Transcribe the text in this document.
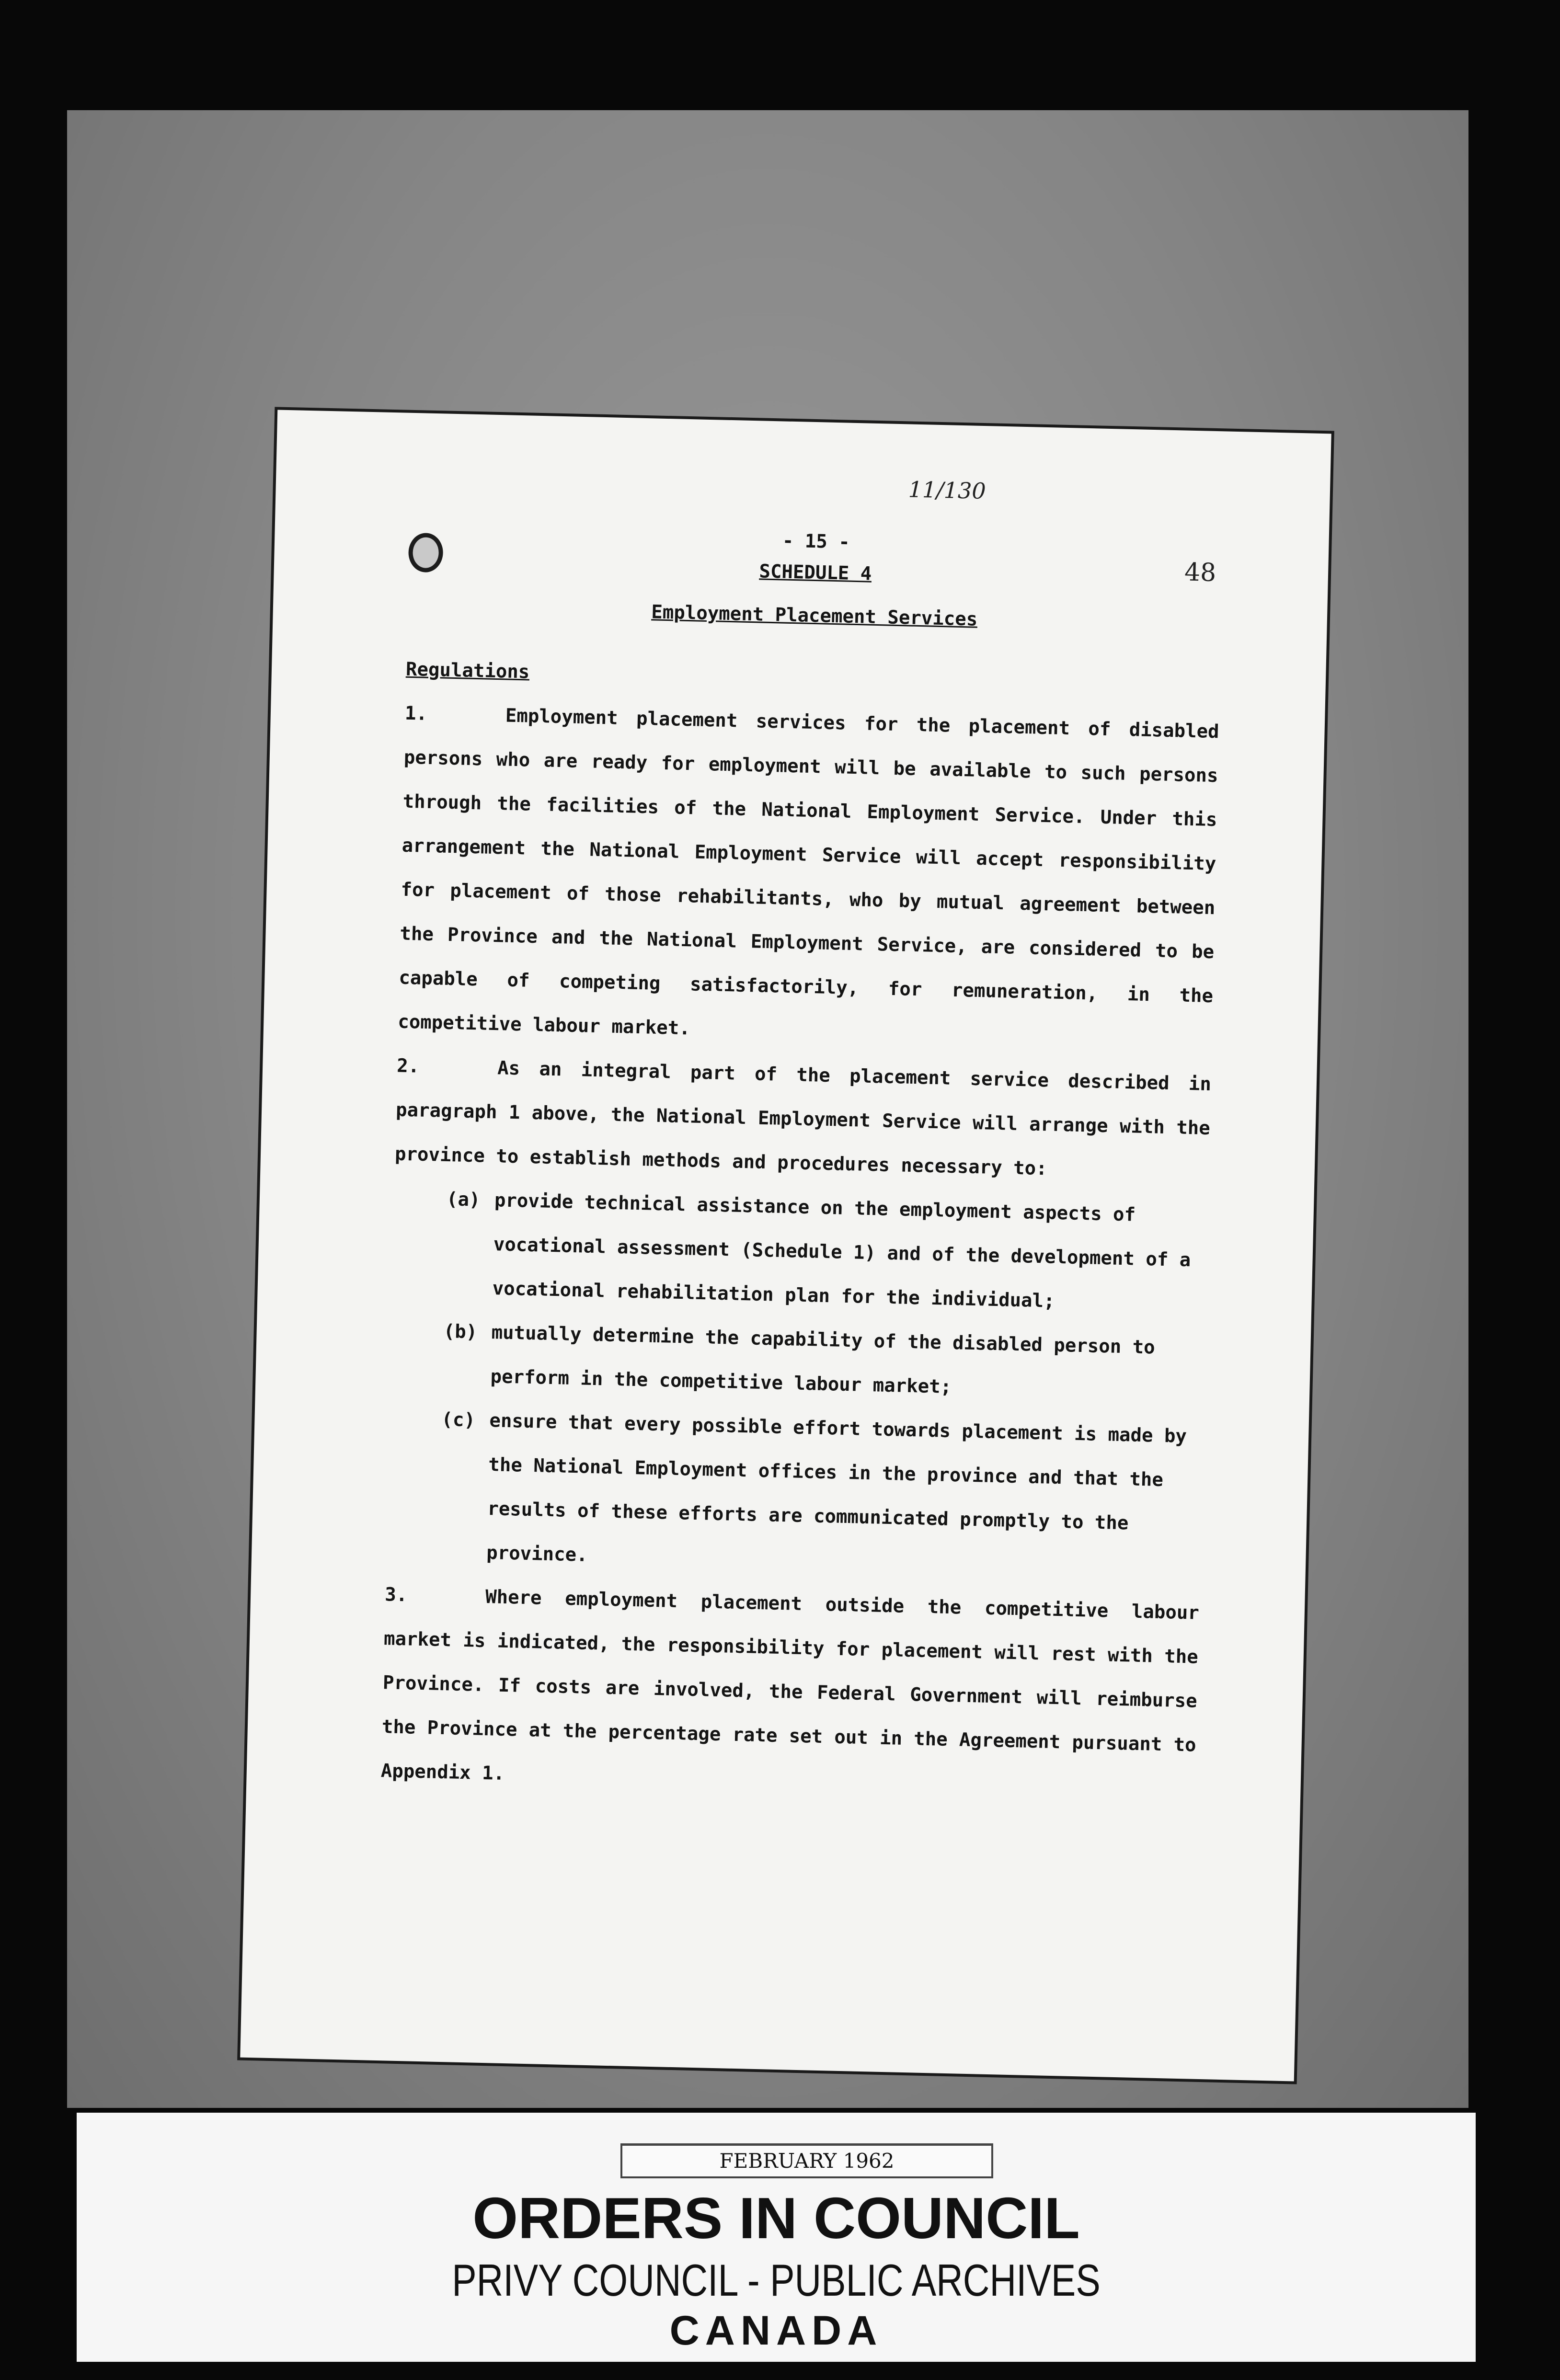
11/130
48
- 15 -
SCHEDULE 4
Employment Placement Services
Regulations

1.	Employment placement services for the placement of disabled persons who are ready for employment will be available to such persons through the facilities of the National Employment Service. Under this arrangement the National Employment Service will accept responsibility for placement of those rehabilitants, who by mutual agreement between the Province and the National Employment Service, are considered to be capable of competing satisfactorily, for remuneration, in the competitive labour market.

2.	As an integral part of the placement service described in paragraph 1 above, the National Employment Service will arrange with the province to establish methods and procedures necessary to:

(a) provide technical assistance on the employment aspects of vocational assessment (Schedule 1) and of the development of a vocational rehabilitation plan for the individual;

(b) mutually determine the capability of the disabled person to perform in the competitive labour market;

(c) ensure that every possible effort towards placement is made by the National Employment offices in the province and that the results of these efforts are communicated promptly to the province.

3.	Where employment placement outside the competitive labour market is indicated, the responsibility for placement will rest with the Province. If costs are involved, the Federal Government will reimburse the Province at the percentage rate set out in the Agreement pursuant to Appendix 1.

FEBRUARY 1962
ORDERS IN COUNCIL
PRIVY COUNCIL - PUBLIC ARCHIVES
CANADA
